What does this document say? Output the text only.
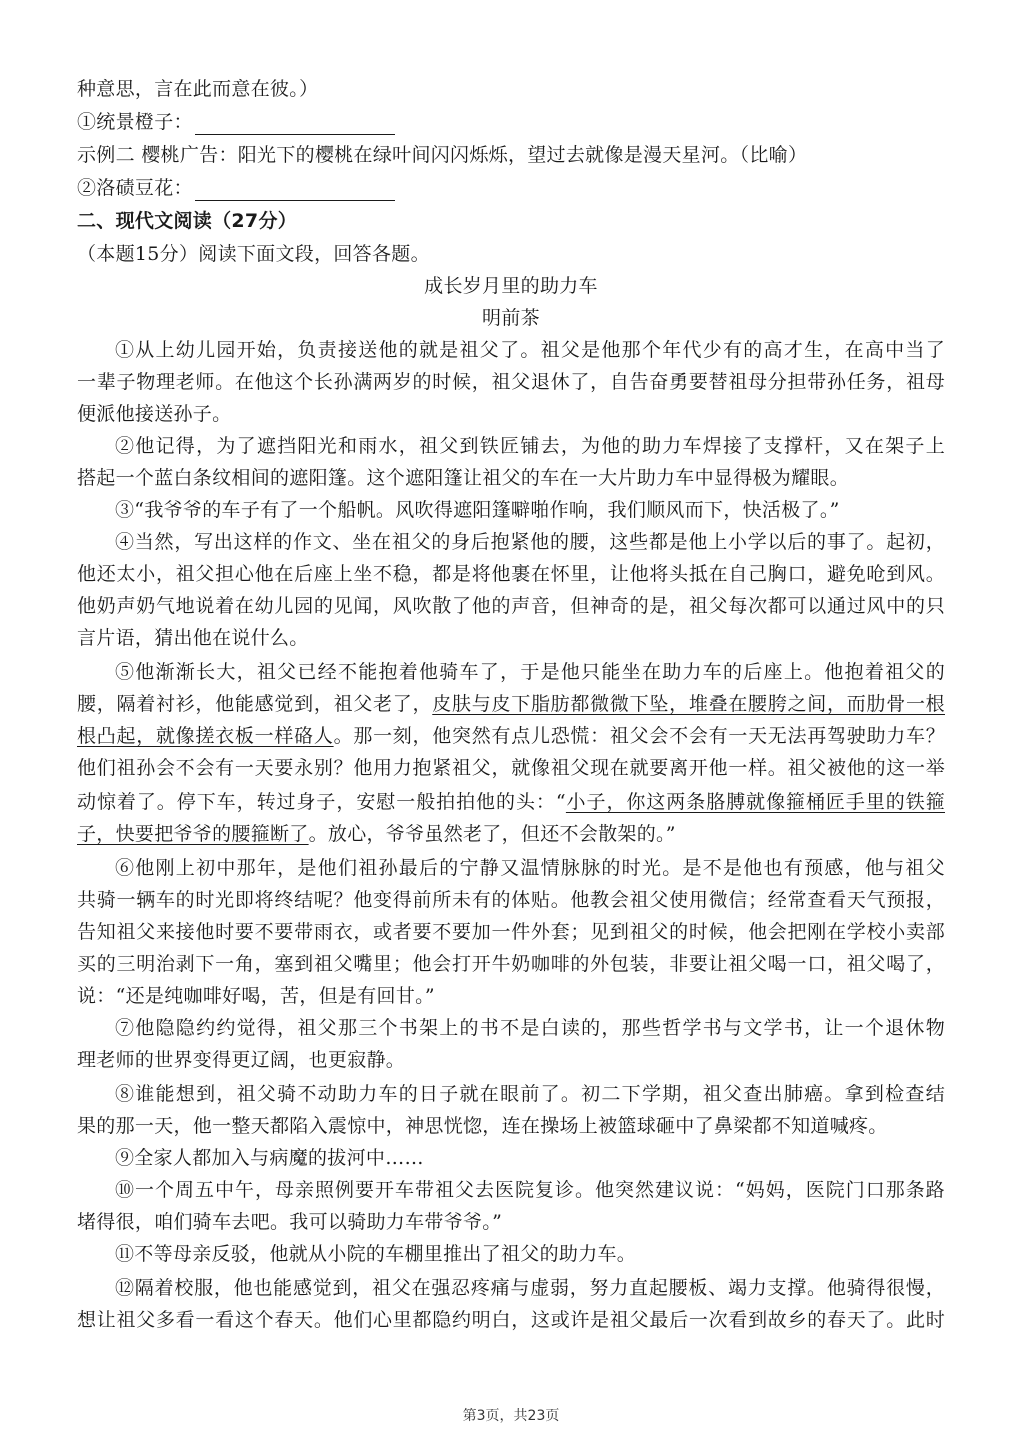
种意思，言在此而意在彼。）
①统景橙子：
示例二 樱桃广告：阳光下的樱桃在绿叶间闪闪烁烁，望过去就像是漫天星河。（比喻）
②洛碛豆花：
二、现代文阅读（27分）
（本题15分）阅读下面文段，回答各题。
成长岁月里的助力车
明前茶
①从上幼儿园开始，负责接送他的就是祖父了。祖父是他那个年代少有的高才生，在高中当了
一辈子物理老师。在他这个长孙满两岁的时候，祖父退休了，自告奋勇要替祖母分担带孙任务，祖母
便派他接送孙子。
②他记得，为了遮挡阳光和雨水，祖父到铁匠铺去，为他的助力车焊接了支撑杆，又在架子上
搭起一个蓝白条纹相间的遮阳篷。这个遮阳篷让祖父的车在一大片助力车中显得极为耀眼。
③“我爷爷的车子有了一个船帆。风吹得遮阳篷噼啪作响，我们顺风而下，快活极了。”
④当然，写出这样的作文、坐在祖父的身后抱紧他的腰，这些都是他上小学以后的事了。起初，
他还太小，祖父担心他在后座上坐不稳，都是将他裹在怀里，让他将头抵在自己胸口，避免呛到风。
他奶声奶气地说着在幼儿园的见闻，风吹散了他的声音，但神奇的是，祖父每次都可以通过风中的只
言片语，猜出他在说什么。
⑤他渐渐长大，祖父已经不能抱着他骑车了，于是他只能坐在助力车的后座上。他抱着祖父的
腰，隔着衬衫，他能感觉到，祖父老了，皮肤与皮下脂肪都微微下坠，堆叠在腰胯之间，而肋骨一根
根凸起，就像搓衣板一样硌人。那一刻，他突然有点儿恐慌：祖父会不会有一天无法再驾驶助力车？
他们祖孙会不会有一天要永别？他用力抱紧祖父，就像祖父现在就要离开他一样。祖父被他的这一举
动惊着了。停下车，转过身子，安慰一般拍拍他的头：“小子，你这两条胳膊就像箍桶匠手里的铁箍
子，快要把爷爷的腰箍断了。放心，爷爷虽然老了，但还不会散架的。”
⑥他刚上初中那年，是他们祖孙最后的宁静又温情脉脉的时光。是不是他也有预感，他与祖父
共骑一辆车的时光即将终结呢？他变得前所未有的体贴。他教会祖父使用微信；经常查看天气预报，
告知祖父来接他时要不要带雨衣，或者要不要加一件外套；见到祖父的时候，他会把刚在学校小卖部
买的三明治剥下一角，塞到祖父嘴里；他会打开牛奶咖啡的外包装，非要让祖父喝一口，祖父喝了，
说：“还是纯咖啡好喝，苦，但是有回甘。”
⑦他隐隐约约觉得，祖父那三个书架上的书不是白读的，那些哲学书与文学书，让一个退休物
理老师的世界变得更辽阔，也更寂静。
⑧谁能想到，祖父骑不动助力车的日子就在眼前了。初二下学期，祖父查出肺癌。拿到检查结
果的那一天，他一整天都陷入震惊中，神思恍惚，连在操场上被篮球砸中了鼻梁都不知道喊疼。
⑨全家人都加入与病魔的拔河中……
⑩一个周五中午，母亲照例要开车带祖父去医院复诊。他突然建议说：“妈妈，医院门口那条路
堵得很，咱们骑车去吧。我可以骑助力车带爷爷。”
⑪不等母亲反驳，他就从小院的车棚里推出了祖父的助力车。
⑫隔着校服，他也能感觉到，祖父在强忍疼痛与虚弱，努力直起腰板、竭力支撑。他骑得很慢，
想让祖父多看一看这个春天。他们心里都隐约明白，这或许是祖父最后一次看到故乡的春天了。此时
第3页，共23页
